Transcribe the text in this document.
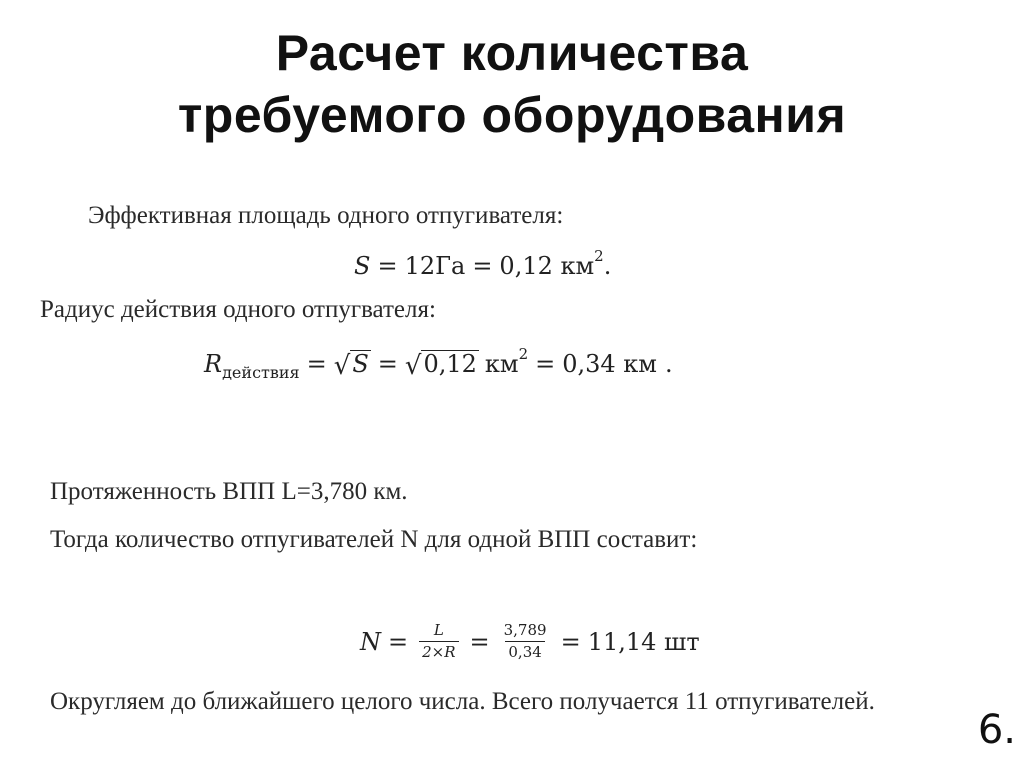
Расчет количества
требуемого оборудования
Эффективная площадь одного отпугивателя:
S = 12Га = 0,12 км 2 .
Радиус действия одного отпугвателя:
R действия = √ S = √ 0,12 км 2 = 0,34 км .
Протяженность ВПП L=3,780 км.
Тогда количество отпугивателей N для одной ВПП составит:
$N = \frac{L}{2\times R} = \frac{3,789}{0,34} = 11,14$ шт
Округляем до ближайшего целого числа. Всего получается 11 отпугивателей.
6.
